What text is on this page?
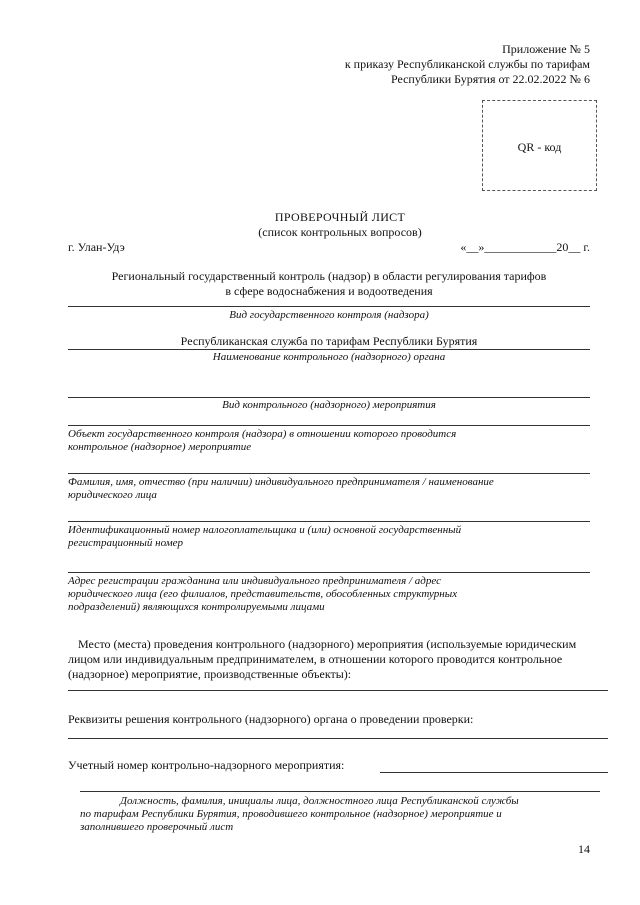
Приложение № 5
к приказу Республиканской службы по тарифам
Республики Бурятия от 22.02.2022 № 6
QR - код
ПРОВЕРОЧНЫЙ ЛИСТ
(список контрольных вопросов)
г. Улан-Удэ	«__»____________20__ г.
Региональный государственный контроль (надзор) в области регулирования тарифов
в сфере водоснабжения и водоотведения
Вид государственного контроля (надзора)
Республиканская служба по тарифам Республики Бурятия
Наименование контрольного (надзорного) органа
Вид контрольного (надзорного) мероприятия
Объект государственного контроля (надзора) в отношении которого проводится
контрольное (надзорное) мероприятие
Фамилия, имя, отчество (при наличии) индивидуального предпринимателя / наименование
юридического лица
Идентификационный номер налогоплательщика и (или) основной государственный
регистрационный номер
Адрес регистрации гражданина или индивидуального предпринимателя / адрес
юридического лица (его филиалов, представительств, обособленных структурных
подразделений) являющихся контролируемыми лицами
Место (места) проведения контрольного (надзорного) мероприятия (используемые юридическим
лицом или индивидуальным предпринимателем, в отношении которого проводится контрольное
(надзорное) мероприятие, производственные объекты):
Реквизиты решения контрольного (надзорного) органа о проведении проверки:
Учетный номер контрольно-надзорного мероприятия:
Должность, фамилия, инициалы лица, должностного лица Республиканской службы
по тарифам Республики Бурятия, проводившего контрольное (надзорное) мероприятие и
заполнившего проверочный лист
14
